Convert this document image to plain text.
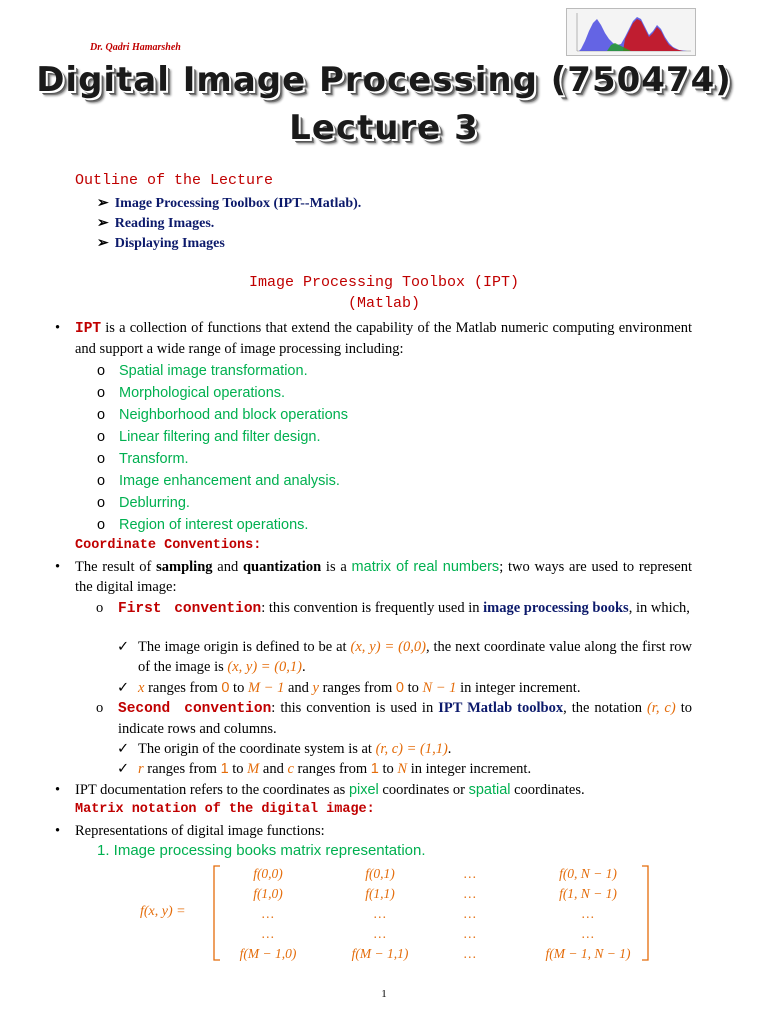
Dr. Qadri Hamarsheh
Digital Image Processing (750474)
Lecture 3
Outline of the Lecture
➢ Image Processing Toolbox (IPT--Matlab).
➢ Reading Images.
➢ Displaying Images
Image Processing Toolbox (IPT)
(Matlab)
• IPT is a collection of functions that extend the capability of the Matlab numeric computing environment and support a wide range of image processing including:
o Spatial image transformation.
o Morphological operations.
o Neighborhood and block operations
o Linear filtering and filter design.
o Transform.
o Image enhancement and analysis.
o Deblurring.
o Region of interest operations.
Coordinate Conventions:
• The result of sampling and quantization is a matrix of real numbers; two ways are used to represent the digital image:
o First convention: this convention is frequently used in image processing books, in which,
✓ The image origin is defined to be at (x, y) = (0,0), the next coordinate value along the first row of the image is (x, y) = (0,1).
✓ x ranges from 0 to M − 1 and y ranges from 0 to N − 1 in integer increment.
o Second convention: this convention is used in IPT Matlab toolbox, the notation (r, c) to indicate rows and columns.
✓ The origin of the coordinate system is at (r, c) = (1,1).
✓ r ranges from 1 to M and c ranges from 1 to N in integer increment.
• IPT documentation refers to the coordinates as pixel coordinates or spatial coordinates.
Matrix notation of the digital image:
• Representations of digital image functions:
1. Image processing books matrix representation.
f(x, y) =
f(0,0)	f(0,1)	…	f(0, N − 1)
f(1,0)	f(1,1)	…	f(1, N − 1)
…	…	…	…
…	…	…	…
f(M − 1,0)	f(M − 1,1)	…	f(M − 1, N − 1)
1
